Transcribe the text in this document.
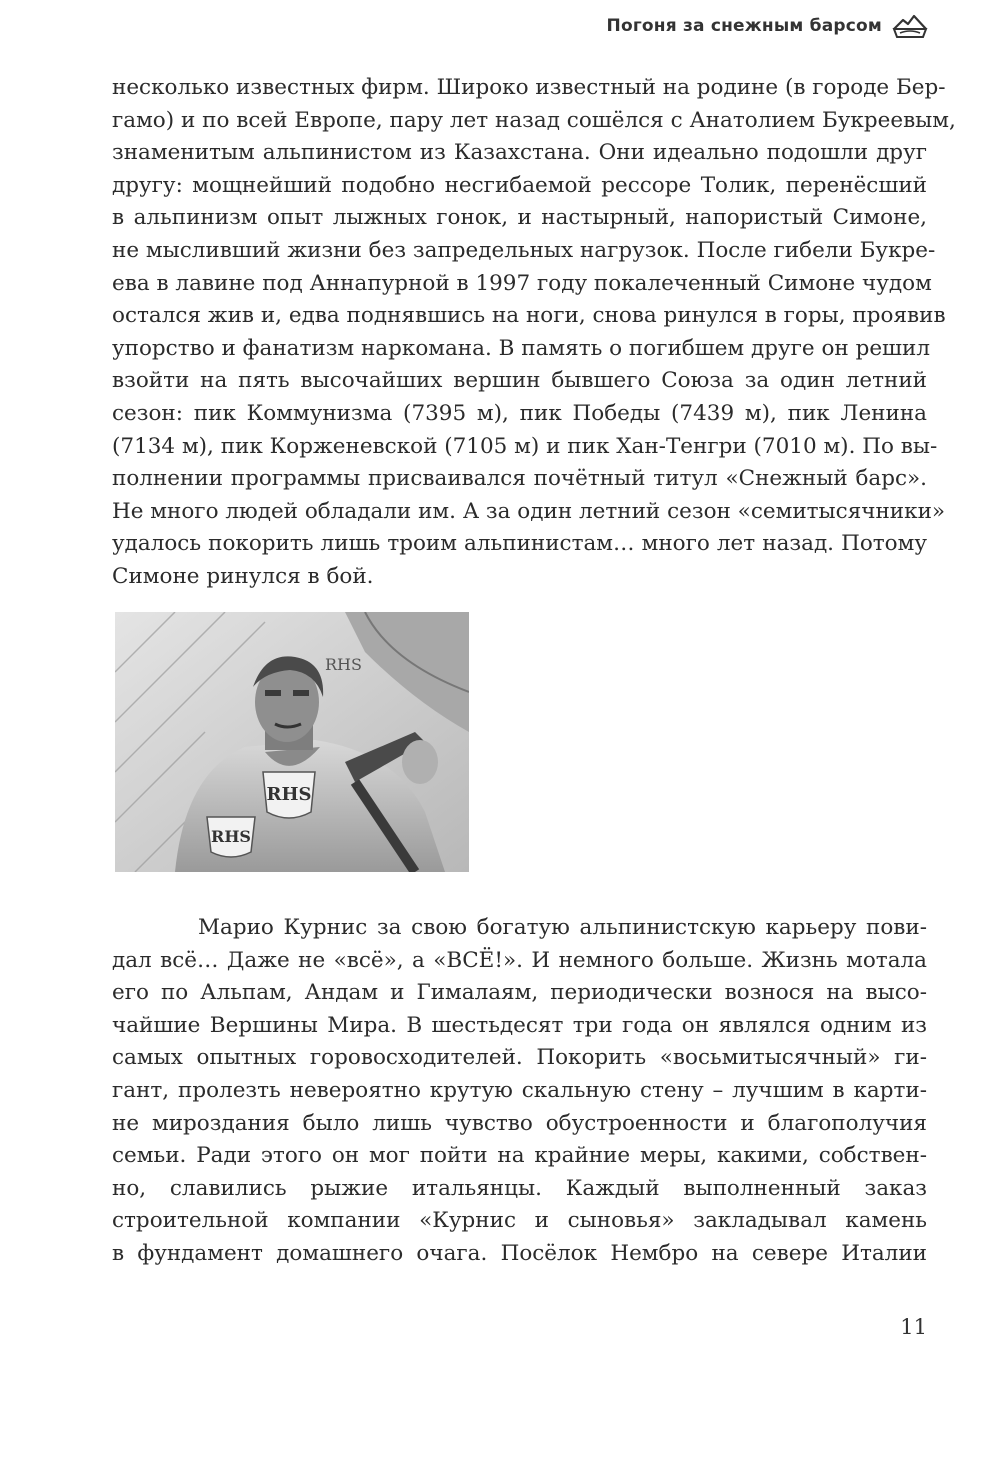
Погоня за снежным барсом
несколько известных фирм. Широко известный на родине (в городе Бер-
гамо) и по всей Европе, пару лет назад сошёлся с Анатолием Букреевым,
знаменитым альпинистом из Казахстана. Они идеально подошли друг
другу: мощнейший подобно несгибаемой рессоре Толик, перенёсший
в альпинизм опыт лыжных гонок, и настырный, напористый Симоне,
не мысливший жизни без запредельных нагрузок. После гибели Букре-
ева в лавине под Аннапурной в 1997 году покалеченный Симоне чудом
остался жив и, едва поднявшись на ноги, снова ринулся в горы, проявив
упорство и фанатизм наркомана. В память о погибшем друге он решил
взойти на пять высочайших вершин бывшего Союза за один летний
сезон: пик Коммунизма (7395 м), пик Победы (7439 м), пик Ленина
(7134 м), пик Корженевской (7105 м) и пик Хан-Тенгри (7010 м). По вы-
полнении программы присваивался почётный титул «Снежный барс».
Не много людей обладали им. А за один летний сезон «семитысячники»
удалось покорить лишь троим альпинистам… много лет назад. Потому
Симоне ринулся в бой.
RHS
RHS
RHS
Марио Курнис за свою богатую альпинистскую карьеру пови-
дал всё… Даже не «всё», а «ВСЁ!». И немного больше. Жизнь мотала
его по Альпам, Андам и Гималаям, периодически вознося на высо-
чайшие Вершины Мира. В шестьдесят три года он являлся одним из
самых опытных горовосходителей. Покорить «восьмитысячный» ги-
гант, пролезть невероятно крутую скальную стену – лучшим в карти-
не мироздания было лишь чувство обустроенности и благополучия
семьи. Ради этого он мог пойти на крайние меры, какими, собствен-
но, славились рыжие итальянцы. Каждый выполненный заказ
строительной компании «Курнис и сыновья» закладывал камень
в фундамент домашнего очага. Посёлок Нембро на севере Италии
11
